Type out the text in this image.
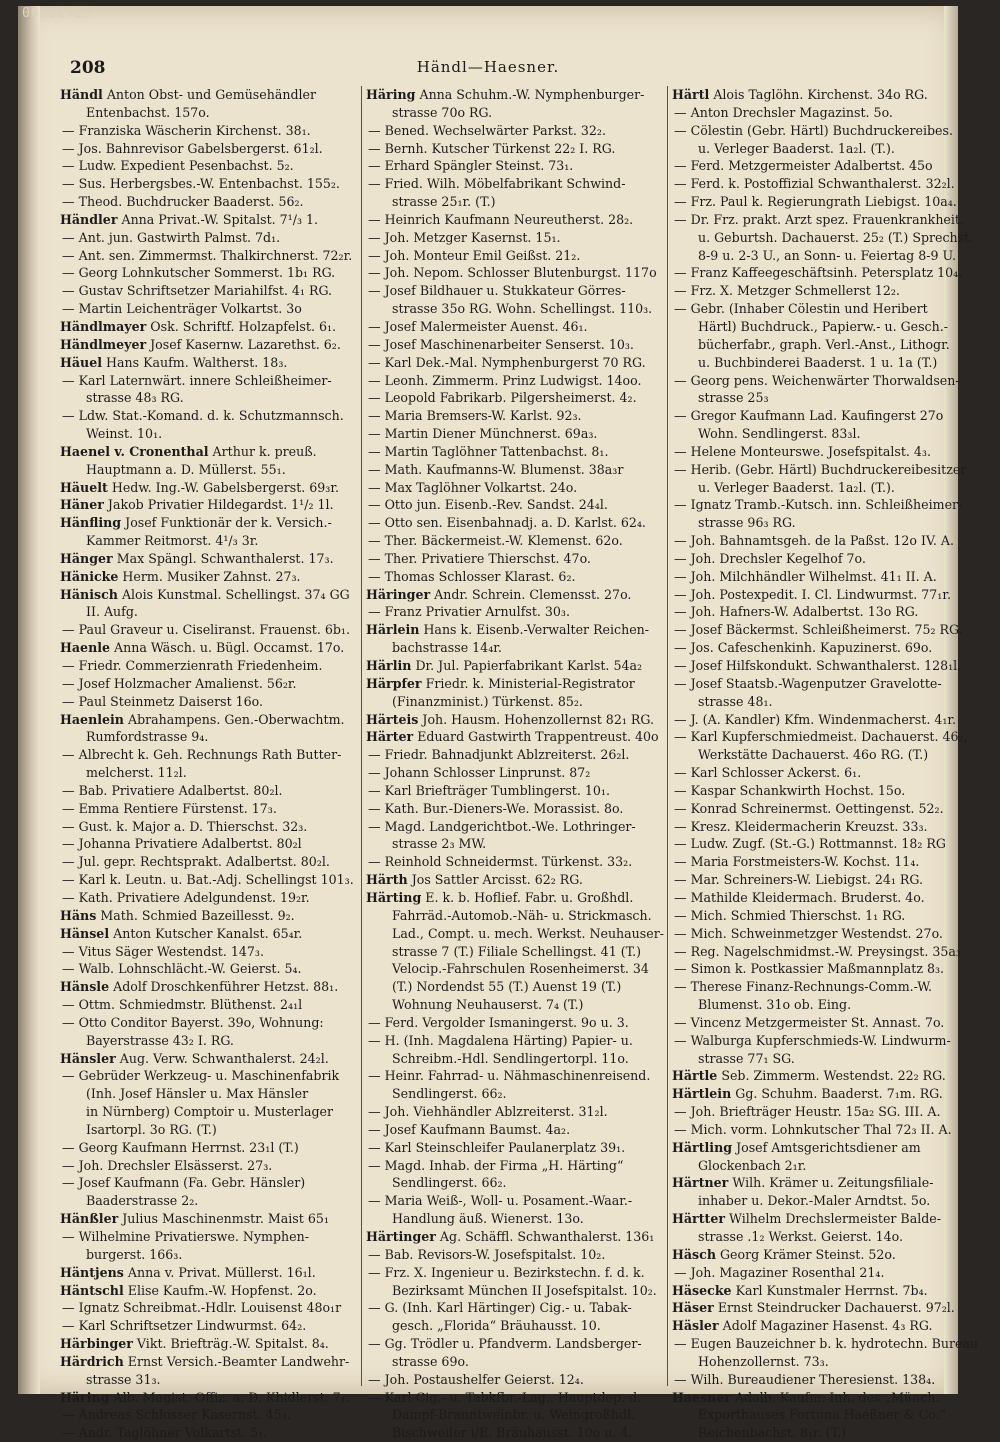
06092425
208	Händl—Haesner.
Händl Anton Obst- und Gemüsehändler
Entenbachst. 157o.
— Franziska Wäscherin Kirchenst. 38₁.
— Jos. Bahnrevisor Gabelsbergerst. 61₂l.
— Ludw. Expedient Pesenbachst. 5₂.
— Sus. Herbergsbes.-W. Entenbachst. 155₂.
— Theod. Buchdrucker Baaderst. 56₂.
Händler Anna Privat.-W. Spitalst. 7¹/₃ 1.
— Ant. jun. Gastwirth Palmst. 7d₁.
— Ant. sen. Zimmermst. Thalkirchnerst. 72₂r.
— Georg Lohnkutscher Sommerst. 1b₁ RG.
— Gustav Schriftsetzer Mariahilfst. 4₁ RG.
— Martin Leichenträger Volkartst. 3o
Händlmayer Osk. Schriftf. Holzapfelst. 6₁.
Händlmeyer Josef Kasernw. Lazarethst. 6₂.
Häuel Hans Kaufm. Waltherst. 18₃.
— Karl Laternwärt. innere Schleißheimer-
strasse 48₃ RG.
— Ldw. Stat.-Komand. d. k. Schutzmannsch.
Weinst. 10₁.
Haenel v. Cronenthal Arthur k. preuß.
Hauptmann a. D. Müllerst. 55₁.
Häuelt Hedw. Ing.-W. Gabelsbergerst. 69₃r.
Häner Jakob Privatier Hildegardst. 1¹/₂ 1l.
Hänfling Josef Funktionär der k. Versich.-
Kammer Reitmorst. 4¹/₃ 3r.
Hänger Max Spängl. Schwanthalerst. 17₃.
Hänicke Herm. Musiker Zahnst. 27₃.
Hänisch Alois Kunstmal. Schellingst. 37₄ GG
II. Aufg.
— Paul Graveur u. Ciseliranst. Frauenst. 6b₁.
Haenle Anna Wäsch. u. Bügl. Occamst. 17o.
— Friedr. Commerzienrath Friedenheim.
— Josef Holzmacher Amalienst. 56₂r.
— Paul Steinmetz Daiserst 16o.
Haenlein Abrahampens. Gen.-Oberwachtm.
Rumfordstrasse 9₄.
— Albrecht k. Geh. Rechnungs Rath Butter-
melcherst. 11₂l.
— Bab. Privatiere Adalbertst. 80₂l.
— Emma Rentiere Fürstenst. 17₃.
— Gust. k. Major a. D. Thierschst. 32₃.
— Johanna Privatiere Adalbertst. 80₂l
— Jul. gepr. Rechtsprakt. Adalbertst. 80₂l.
— Karl k. Leutn. u. Bat.-Adj. Schellingst 101₃.
— Kath. Privatiere Adelgundenst. 19₂r.
Häns Math. Schmied Bazeillesst. 9₂.
Hänsel Anton Kutscher Kanalst. 65₄r.
— Vitus Säger Westendst. 147₃.
— Walb. Lohnschlächt.-W. Geierst. 5₄.
Hänsle Adolf Droschkenführer Hetzst. 88₁.
— Ottm. Schmiedmstr. Blüthenst. 2₄₁l
— Otto Conditor Bayerst. 39o, Wohnung:
Bayerstrasse 43₂ I. RG.
Hänsler Aug. Verw. Schwanthalerst. 24₂l.
— Gebrüder Werkzeug- u. Maschinenfabrik
(Inh. Josef Hänsler u. Max Hänsler
in Nürnberg) Comptoir u. Musterlager
Isartorpl. 3o RG. (T.)
— Georg Kaufmann Herrnst. 23₁l (T.)
— Joh. Drechsler Elsässerst. 27₃.
— Josef Kaufmann (Fa. Gebr. Hänsler)
Baaderstrasse 2₂.
Hänßler Julius Maschinenmstr. Maist 65₁
— Wilhelmine Privatierswe. Nymphen-
burgerst. 166₃.
Häntjens Anna v. Privat. Müllerst. 16₁l.
Häntschl Elise Kaufm.-W. Hopfenst. 2o.
— Ignatz Schreibmat.-Hdlr. Louisenst 48o₁r
— Karl Schriftsetzer Lindwurmst. 64₂.
Härbinger Vikt. Briefträg.-W. Spitalst. 8₄.
Härdrich Ernst Versich.-Beamter Landwehr-
strasse 31₃.
Häring Alb. Magist.-Offiz. a. D. Khidlerst. 7₁.
— Andreas Schlosser Kasernst. 45₃.
— Andr. Taglöhner Volkartst. 5₁.
Häring Anna Schuhm.-W. Nymphenburger-
strasse 70o RG.
— Bened. Wechselwärter Parkst. 32₂.
— Bernh. Kutscher Türkenst 22₂ I. RG.
— Erhard Spängler Steinst. 73₁.
— Fried. Wilh. Möbelfabrikant Schwind-
strasse 25₁r. (T.)
— Heinrich Kaufmann Neureutherst. 28₂.
— Joh. Metzger Kasernst. 15₁.
— Joh. Monteur Emil Geißst. 21₂.
— Joh. Nepom. Schlosser Blutenburgst. 117o
— Josef Bildhauer u. Stukkateur Görres-
strasse 35o RG. Wohn. Schellingst. 110₃.
— Josef Malermeister Auenst. 46₁.
— Josef Maschinenarbeiter Senserst. 10₃.
— Karl Dek.-Mal. Nymphenburgerst 70 RG.
— Leonh. Zimmerm. Prinz Ludwigst. 14oo.
— Leopold Fabrikarb. Pilgersheimerst. 4₂.
— Maria Bremsers-W. Karlst. 92₃.
— Martin Diener Münchnerst. 69a₃.
— Martin Taglöhner Tattenbachst. 8₁.
— Math. Kaufmanns-W. Blumenst. 38a₃r
— Max Taglöhner Volkartst. 24o.
— Otto jun. Eisenb.-Rev. Sandst. 24₄l.
— Otto sen. Eisenbahnadj. a. D. Karlst. 62₄.
— Ther. Bäckermeist.-W. Klemenst. 62o.
— Ther. Privatiere Thierschst. 47o.
— Thomas Schlosser Klarast. 6₂.
Häringer Andr. Schrein. Clemensst. 27o.
— Franz Privatier Arnulfst. 30₃.
Härlein Hans k. Eisenb.-Verwalter Reichen-
bachstrasse 14₄r.
Härlin Dr. Jul. Papierfabrikant Karlst. 54a₂
Härpfer Friedr. k. Ministerial-Registrator
(Finanzminist.) Türkenst. 85₂.
Härteis Joh. Hausm. Hohenzollernst 82₁ RG.
Härter Eduard Gastwirth Trappentreust. 40o
— Friedr. Bahnadjunkt Ablzreiterst. 26₂l.
— Johann Schlosser Linprunst. 87₂
— Karl Briefträger Tumblingerst. 10₁.
— Kath. Bur.-Dieners-We. Morassist. 8o.
— Magd. Landgerichtbot.-We. Lothringer-
strasse 2₃ MW.
— Reinhold Schneidermst. Türkenst. 33₂.
Härth Jos Sattler Arcisst. 62₂ RG.
Härting E. k. b. Hoflief. Fabr. u. Großhdl.
Fahrräd.-Automob.-Näh- u. Strickmasch.
Lad., Compt. u. mech. Werkst. Neuhauser-
strasse 7 (T.) Filiale Schellingst. 41 (T.)
Velocip.-Fahrschulen Rosenheimerst. 34
(T.) Nordendst 55 (T.) Auenst 19 (T.)
Wohnung Neuhauserst. 7₄ (T.)
— Ferd. Vergolder Ismaningerst. 9o u. 3.
— H. (Inh. Magdalena Härting) Papier- u.
Schreibm.-Hdl. Sendlingertorpl. 11o.
— Heinr. Fahrrad- u. Nähmaschinenreisend.
Sendlingerst. 66₂.
— Joh. Viehhändler Ablzreiterst. 31₂l.
— Josef Kaufmann Baumst. 4a₂.
— Karl Steinschleifer Paulanerplatz 39₁.
— Magd. Inhab. der Firma „H. Härting“
Sendlingerst. 66₂.
— Maria Weiß-, Woll- u. Posament.-Waar.-
Handlung äuß. Wienerst. 13o.
Härtinger Ag. Schäffl. Schwanthalerst. 136₁
— Bab. Revisors-W. Josefspitalst. 10₂.
— Frz. X. Ingenieur u. Bezirkstechn. f. d. k.
Bezirksamt München II Josefspitalst. 10₂.
— G. (Inh. Karl Härtinger) Cig.- u. Tabak-
gesch. „Florida“ Bräuhausst. 10.
— Gg. Trödler u. Pfandverm. Landsberger-
strasse 69o.
— Joh. Postaushelfer Geierst. 12₄.
— Karl Cig.- u. Tabkfbr.-Lag., Hauptdep. d.
Dampf-Branntweinbr. u. Weingroßhdl.
Bischweiler i/E. Bräuhausst. 10o u. 4.
Härtl Alois Taglöhn. Kirchenst. 34o RG.
— Anton Drechsler Magazinst. 5o.
— Cölestin (Gebr. Härtl) Buchdruckereibes.
u. Verleger Baaderst. 1a₂l. (T.).
— Ferd. Metzgermeister Adalbertst. 45o
— Ferd. k. Postoffizial Schwanthalerst. 32₂l.
— Frz. Paul k. Regierungrath Liebigst. 10a₄.
— Dr. Frz. prakt. Arzt spez. Frauenkrankheit.
u. Geburtsh. Dachauerst. 25₂ (T.) Sprechst.
8-9 u. 2-3 U., an Sonn- u. Feiertag 8-9 U.
— Franz Kaffeegeschäftsinh. Petersplatz 10₄.
— Frz. X. Metzger Schmellerst 12₂.
— Gebr. (Inhaber Cölestin und Heribert
Härtl) Buchdruck., Papierw.- u. Gesch.-
bücherfabr., graph. Verl.-Anst., Lithogr.
u. Buchbinderei Baaderst. 1 u. 1a (T.)
— Georg pens. Weichenwärter Thorwaldsen-
strasse 25₃
— Gregor Kaufmann Lad. Kaufingerst 27o
Wohn. Sendlingerst. 83₃l.
— Helene Monteurswe. Josefspitalst. 4₃.
— Herib. (Gebr. Härtl) Buchdruckereibesitzer
u. Verleger Baaderst. 1a₂l. (T.).
— Ignatz Tramb.-Kutsch. inn. Schleißheimer-
strasse 96₃ RG.
— Joh. Bahnamtsgeh. de la Paßst. 12o IV. A.
— Joh. Drechsler Kegelhof 7o.
— Joh. Milchhändler Wilhelmst. 41₁ II. A.
— Joh. Postexpedit. I. Cl. Lindwurmst. 77₁r.
— Joh. Hafners-W. Adalbertst. 13o RG.
— Josef Bäckermst. Schleißheimerst. 75₂ RG.
— Jos. Cafeschenkinh. Kapuzinerst. 69o.
— Josef Hilfskondukt. Schwanthalerst. 128₁l.
— Josef Staatsb.-Wagenputzer Gravelotte-
strasse 48₁.
— J. (A. Kandler) Kfm. Windenmacherst. 4₁r.
— Karl Kupferschmiedmeist. Dachauerst. 46₂,
Werkstätte Dachauerst. 46o RG. (T.)
— Karl Schlosser Ackerst. 6₁.
— Kaspar Schankwirth Hochst. 15o.
— Konrad Schreinermst. Oettingenst. 52₂.
— Kresz. Kleidermacherin Kreuzst. 33₃.
— Ludw. Zugf. (St.-G.) Rottmannst. 18₂ RG
— Maria Forstmeisters-W. Kochst. 11₄.
— Mar. Schreiners-W. Liebigst. 24₁ RG.
— Mathilde Kleidermach. Bruderst. 4o.
— Mich. Schmied Thierschst. 1₁ RG.
— Mich. Schweinmetzger Westendst. 27o.
— Reg. Nagelschmidmst.-W. Preysingst. 35a₃
— Simon k. Postkassier Maßmannplatz 8₃.
— Therese Finanz-Rechnungs-Comm.-W.
Blumenst. 31o ob. Eing.
— Vincenz Metzgermeister St. Annast. 7o.
— Walburga Kupferschmieds-W. Lindwurm-
strasse 77₁ SG.
Härtle Seb. Zimmerm. Westendst. 22₂ RG.
Härtlein Gg. Schuhm. Baaderst. 7₁m. RG.
— Joh. Briefträger Heustr. 15a₂ SG. III. A.
— Mich. vorm. Lohnkutscher Thal 72₃ II. A.
Härtling Josef Amtsgerichtsdiener am
Glockenbach 2₁r.
Härtner Wilh. Krämer u. Zeitungsfiliale-
inhaber u. Dekor.-Maler Arndtst. 5o.
Härtter Wilhelm Drechslermeister Balde-
strasse .1₂ Werkst. Geierst. 14o.
Häsch Georg Krämer Steinst. 52o.
— Joh. Magaziner Rosenthal 21₄.
Häsecke Karl Kunstmaler Herrnst. 7b₄.
Häser Ernst Steindrucker Dachauerst. 97₂l.
Häsler Adolf Magaziner Hasenst. 4₃ RG.
— Eugen Bauzeichner b. k. hydrotechn. Bureau
Hohenzollernst. 73₃.
— Wilh. Bureaudiener Theresienst. 138₄.
Haesner Adalb. Kaufm. Inh. des „Münch.
Exporthauses Fortuna Haeßner & Co.“
Reichenbachst. 8₁r. (T.)
